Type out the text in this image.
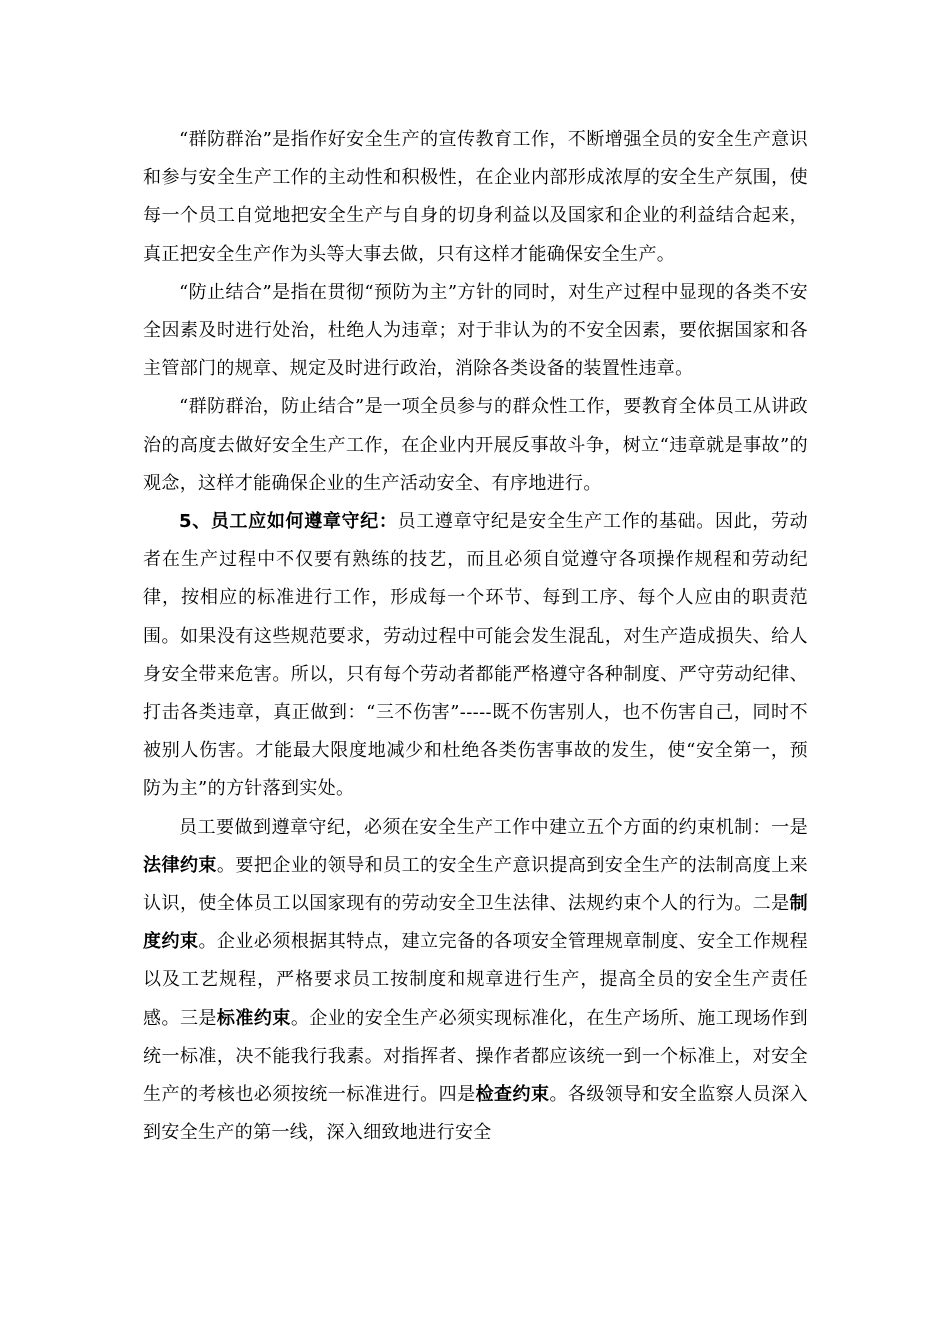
“群防群治”是指作好安全生产的宣传教育工作，不断增强全员的安全生产意识和参与安全生产工作的主动性和积极性，在企业内部形成浓厚的安全生产氛围，使每一个员工自觉地把安全生产与自身的切身利益以及国家和企业的利益结合起来，真正把安全生产作为头等大事去做，只有这样才能确保安全生产。

“防止结合”是指在贯彻“预防为主”方针的同时，对生产过程中显现的各类不安全因素及时进行处治，杜绝人为违章；对于非认为的不安全因素，要依据国家和各主管部门的规章、规定及时进行政治，消除各类设备的装置性违章。

“群防群治，防止结合”是一项全员参与的群众性工作，要教育全体员工从讲政治的高度去做好安全生产工作，在企业内开展反事故斗争，树立“违章就是事故”的观念，这样才能确保企业的生产活动安全、有序地进行。

5、员工应如何遵章守纪：员工遵章守纪是安全生产工作的基础。因此，劳动者在生产过程中不仅要有熟练的技艺，而且必须自觉遵守各项操作规程和劳动纪律，按相应的标准进行工作，形成每一个环节、每到工序、每个人应由的职责范围。如果没有这些规范要求，劳动过程中可能会发生混乱，对生产造成损失、给人身安全带来危害。所以，只有每个劳动者都能严格遵守各种制度、严守劳动纪律、打击各类违章，真正做到：“三不伤害”-----既不伤害别人，也不伤害自己，同时不被别人伤害。才能最大限度地减少和杜绝各类伤害事故的发生，使“安全第一，预防为主”的方针落到实处。

员工要做到遵章守纪，必须在安全生产工作中建立五个方面的约束机制：一是法律约束。要把企业的领导和员工的安全生产意识提高到安全生产的法制高度上来认识，使全体员工以国家现有的劳动安全卫生法律、法规约束个人的行为。二是制度约束。企业必须根据其特点，建立完备的各项安全管理规章制度、安全工作规程以及工艺规程，严格要求员工按制度和规章进行生产，提高全员的安全生产责任感。三是标准约束。企业的安全生产必须实现标准化，在生产场所、施工现场作到统一标准，决不能我行我素。对指挥者、操作者都应该统一到一个标准上，对安全生产的考核也必须按统一标准进行。四是检查约束。各级领导和安全监察人员深入到安全生产的第一线，深入细致地进行安全
